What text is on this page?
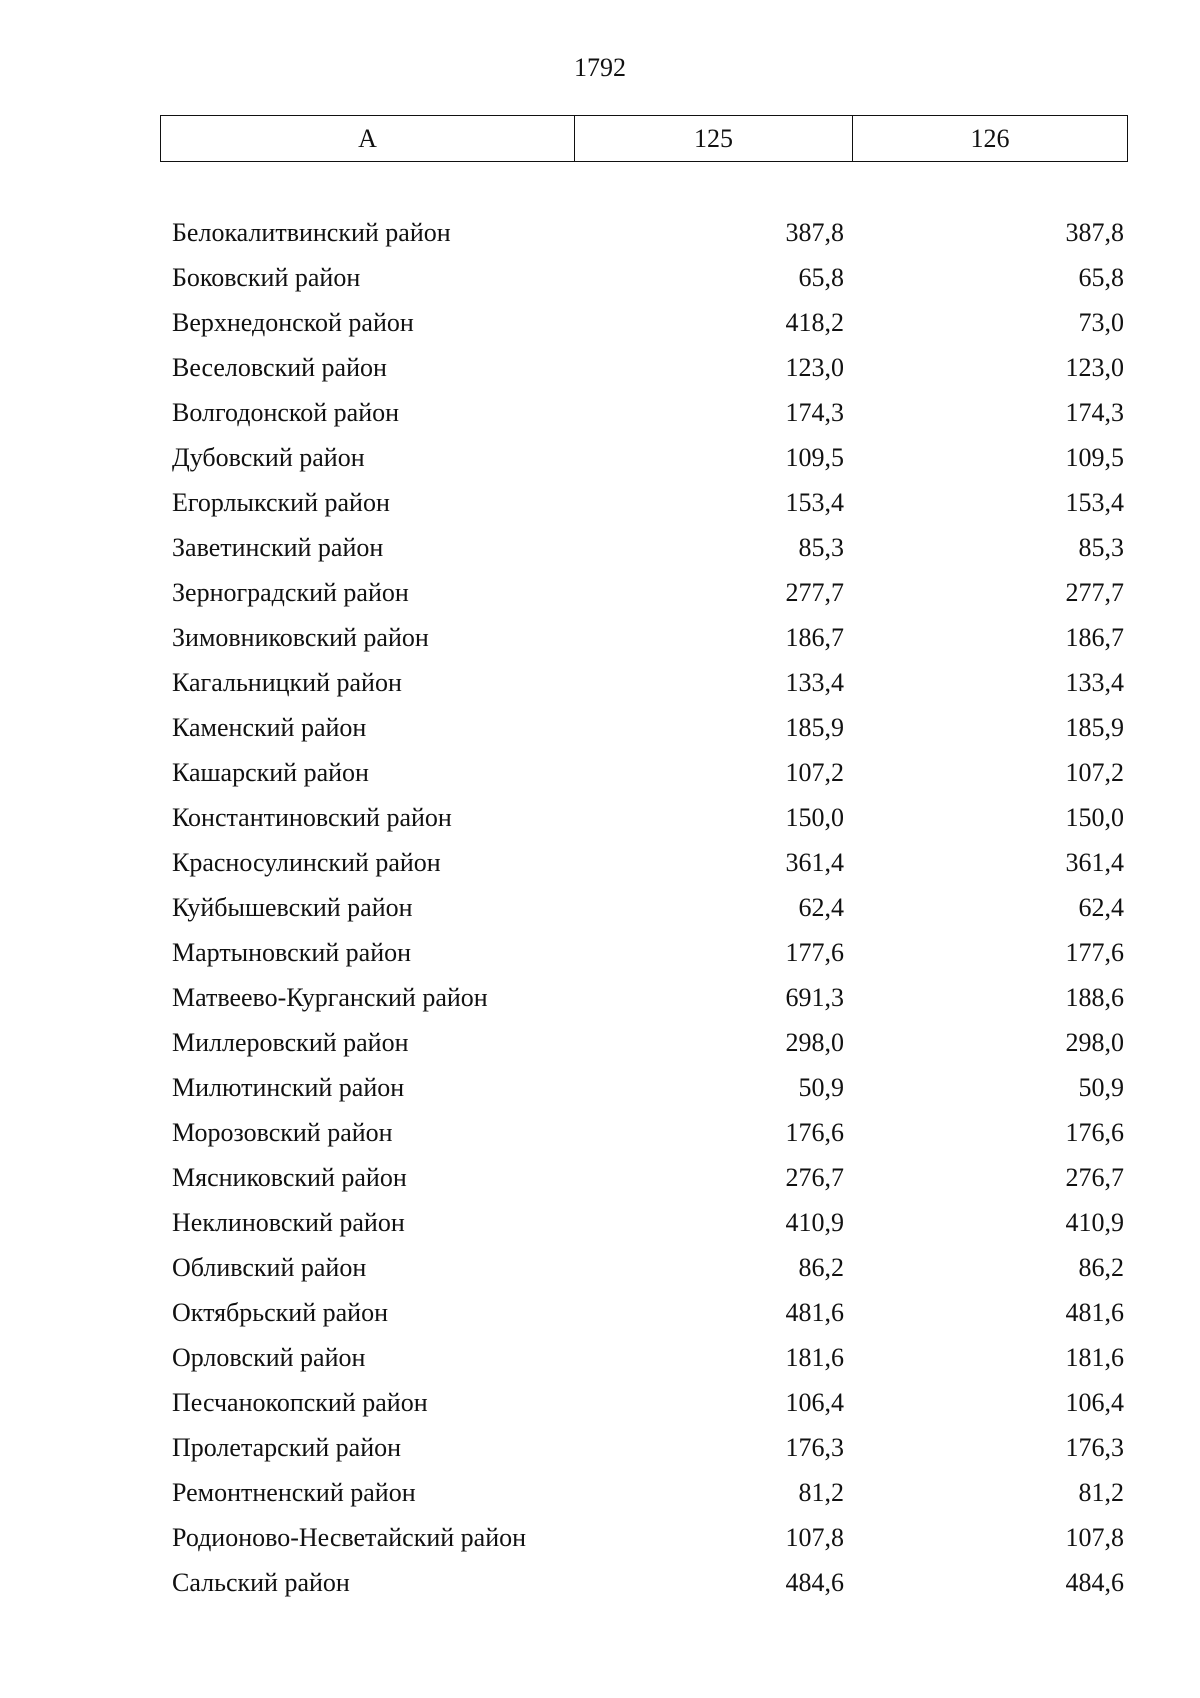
1792
А	125	126
Белокалитвинский район	387,8	387,8
Боковский район	65,8	65,8
Верхнедонской район	418,2	73,0
Веселовский район	123,0	123,0
Волгодонской район	174,3	174,3
Дубовский район	109,5	109,5
Егорлыкский район	153,4	153,4
Заветинский район	85,3	85,3
Зерноградский район	277,7	277,7
Зимовниковский район	186,7	186,7
Кагальницкий район	133,4	133,4
Каменский район	185,9	185,9
Кашарский район	107,2	107,2
Константиновский район	150,0	150,0
Красносулинский район	361,4	361,4
Куйбышевский район	62,4	62,4
Мартыновский район	177,6	177,6
Матвеево-Курганский район	691,3	188,6
Миллеровский район	298,0	298,0
Милютинский район	50,9	50,9
Морозовский район	176,6	176,6
Мясниковский район	276,7	276,7
Неклиновский район	410,9	410,9
Обливский район	86,2	86,2
Октябрьский район	481,6	481,6
Орловский район	181,6	181,6
Песчанокопский район	106,4	106,4
Пролетарский район	176,3	176,3
Ремонтненский район	81,2	81,2
Родионово-Несветайский район	107,8	107,8
Сальский район	484,6	484,6
